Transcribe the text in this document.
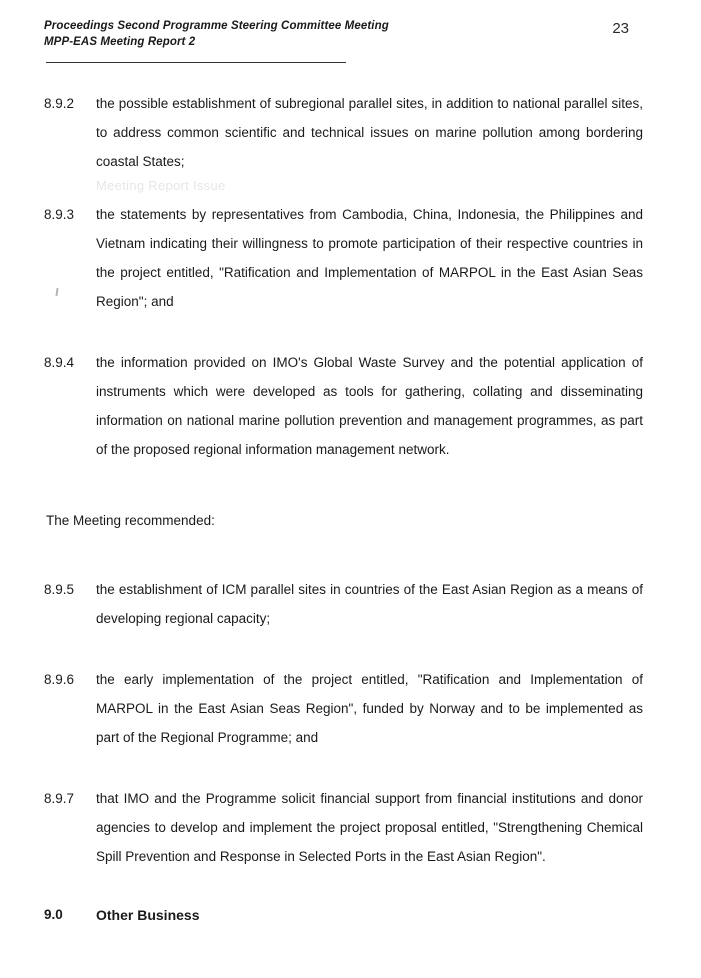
Proceedings Second Programme Steering Committee Meeting
MPP-EAS Meeting Report 2
23
8.9.2	the possible establishment of subregional parallel sites, in addition to national parallel sites, to address common scientific and technical issues on marine pollution among bordering coastal States;
8.9.3	the statements by representatives from Cambodia, China, Indonesia, the Philippines and Vietnam indicating their willingness to promote participation of their respective countries in the project entitled, "Ratification and Implementation of MARPOL in the East Asian Seas Region"; and
8.9.4	the information provided on IMO's Global Waste Survey and the potential application of instruments which were developed as tools for gathering, collating and disseminating information on national marine pollution prevention and management programmes, as part of the proposed regional information management network.

The Meeting recommended:

8.9.5	the establishment of ICM parallel sites in countries of the East Asian Region as a means of developing regional capacity;
8.9.6	the early implementation of the project entitled, "Ratification and Implementation of MARPOL in the East Asian Seas Region", funded by Norway and to be implemented as part of the Regional Programme; and
8.9.7	that IMO and the Programme solicit financial support from financial institutions and donor agencies to develop and implement the project proposal entitled, "Strengthening Chemical Spill Prevention and Response in Selected Ports in the East Asian Region".
9.0	Other Business
Meeting Report Issue
